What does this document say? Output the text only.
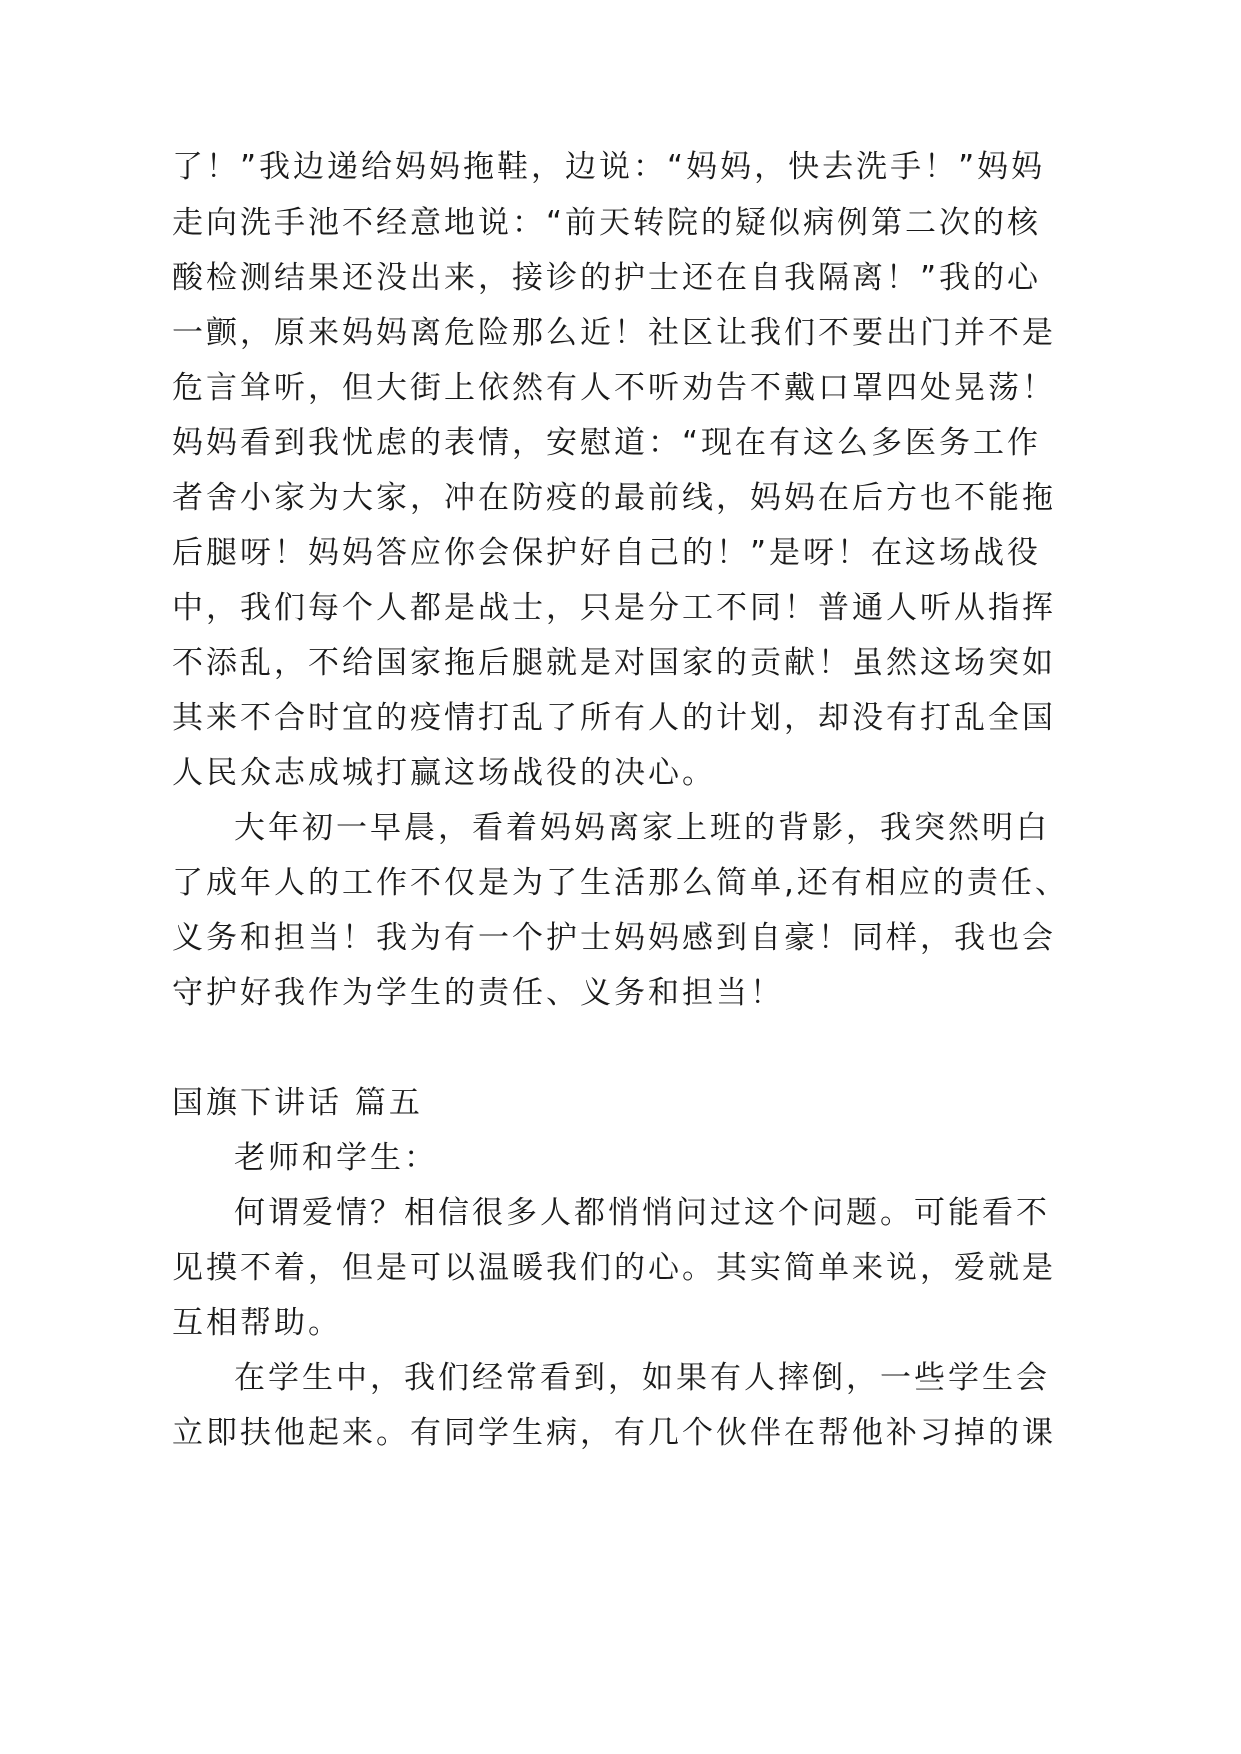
了！”我边递给妈妈拖鞋，边说：“妈妈，快去洗手！”妈妈

走向洗手池不经意地说：“前天转院的疑似病例第二次的核

酸检测结果还没出来，接诊的护士还在自我隔离！”我的心

一颤，原来妈妈离危险那么近！社区让我们不要出门并不是

危言耸听，但大街上依然有人不听劝告不戴口罩四处晃荡！

妈妈看到我忧虑的表情，安慰道：“现在有这么多医务工作

者舍小家为大家，冲在防疫的最前线，妈妈在后方也不能拖

后腿呀！妈妈答应你会保护好自己的！”是呀！在这场战役

中，我们每个人都是战士，只是分工不同！普通人听从指挥

不添乱，不给国家拖后腿就是对国家的贡献！虽然这场突如

其来不合时宜的疫情打乱了所有人的计划，却没有打乱全国

人民众志成城打赢这场战役的决心。

大年初一早晨，看着妈妈离家上班的背影，我突然明白

了成年人的工作不仅是为了生活那么简单,还有相应的责任、

义务和担当！我为有一个护士妈妈感到自豪！同样，我也会

守护好我作为学生的责任、义务和担当！

国旗下讲话 篇五

老师和学生：

何谓爱情？相信很多人都悄悄问过这个问题。可能看不

见摸不着，但是可以温暖我们的心。其实简单来说，爱就是

互相帮助。

在学生中，我们经常看到，如果有人摔倒，一些学生会

立即扶他起来。有同学生病，有几个伙伴在帮他补习掉的课
